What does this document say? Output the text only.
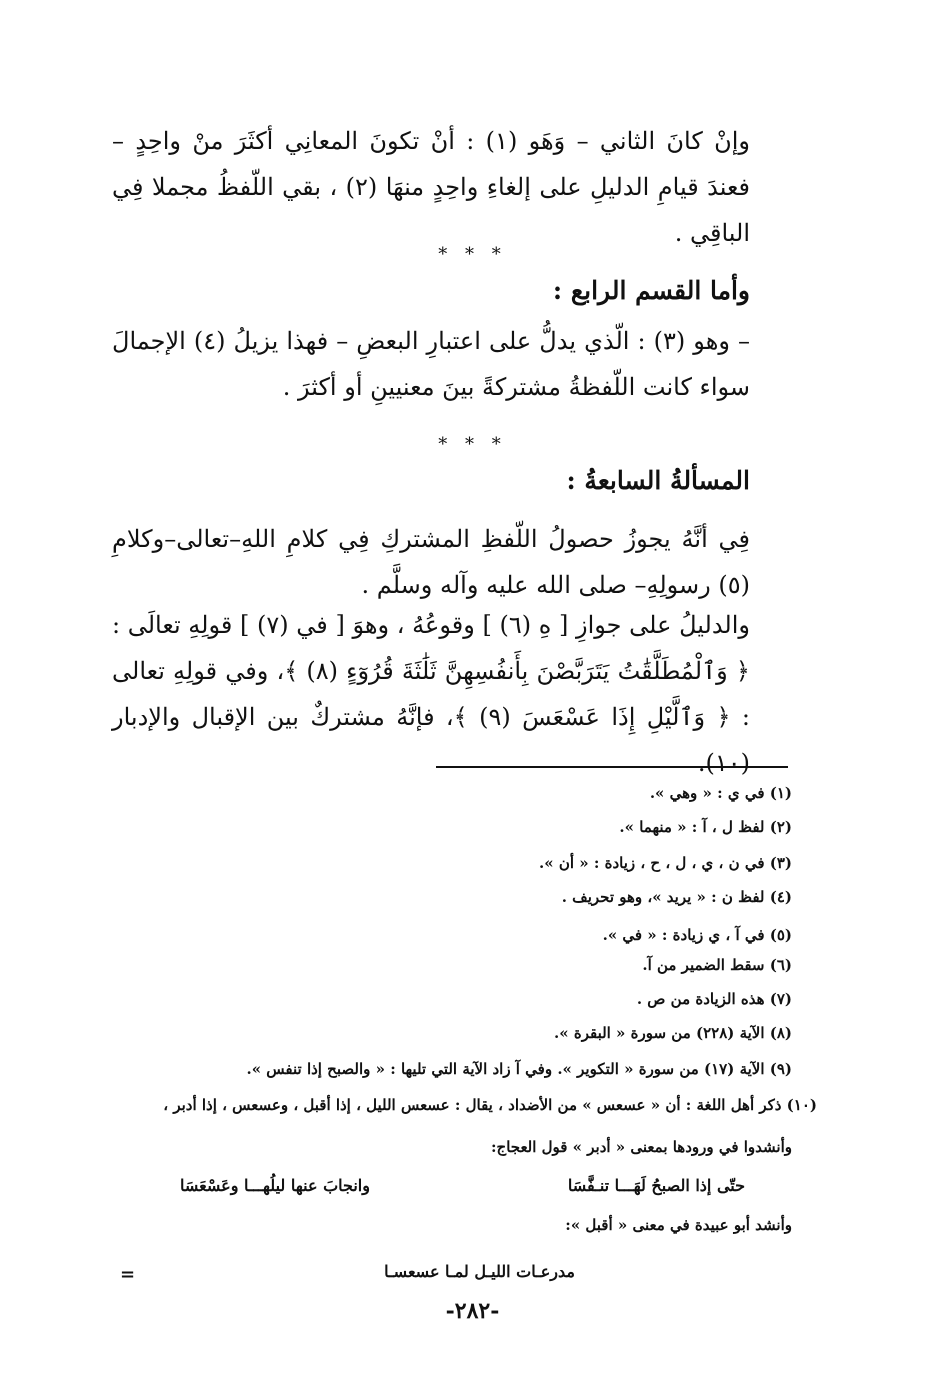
وإنْ كانَ الثاني – وَهَو (١) : أنْ تكونَ المعانِي أكثَرَ منْ واحِدٍ – فعندَ قيامِ الدليلِ على إلغاءِ واحِدٍ منهَا (٢) ، بقي اللّفظُ مجملا فِي الباقِي .

* * *
وأما القسم الرابع :

– وهو (٣) : الّذي يدلُّ على اعتبارِ البعضِ – فهذا يزيلُ (٤) الإجمالَ سواء كانت اللّفظةُ مشتركةً بينَ معنيينِ أو أكثرَ .

* * *
المسألةُ السابعةُ :

فِي أنَّهُ يجوزُ حصولُ اللّفظِ المشتركِ فِي كلامِ اللهِ–تعالى–وكلامِ (٥) رسولِهِ– صلى الله عليه وآله وسلَّم .

والدليلُ على جوازِ [ هِ (٦) ] وقوعُهُ ، وهوَ [ في (٧) ] قولِهِ تعالَى : ﴿ وَٱلْمُطَلَّقَٰتُ يَتَرَبَّصْنَ بِأَنفُسِهِنَّ ثَلَٰثَةَ قُرُوٓءٍ (٨) ﴾، وفي قولِهِ تعالى : ﴿ وَٱلَّيْلِ إِذَا عَسْعَسَ (٩) ﴾، فإنَّهُ مشتركٌ بين الإقبال والإدبار (١٠).

(١) في ي : « وهي ».
(٢) لفظ ل ، آ : « منهما ».
(٣) في ن ، ي ، ل ، ح ، زيادة : « أن ».
(٤) لفظ ن : « يريد »، وهو تحريف .
(٥) في آ ، ي زيادة : « في ».
(٦) سقط الضمير من آ.
(٧) هذه الزيادة من ص .
(٨) الآية (٢٢٨) من سورة « البقرة ».
(٩) الآية (١٧) من سورة « التكوير ». وفي آ زاد الآية التي تليها : « والصبح إذا تنفس ».
(١٠) ذكر أهل اللغة : أن « عسعس » من الأضداد ، يقال : عسعس الليل ، إذا أقبل ، وعسعس ، إذا أدبر ،
وأنشدوا في ورودها بمعنى « أدبر » قول العجاج:
حتّى إذا الصبحُ لَهَـــا تنـفَّسَا
وانجابَ عنها ليلُهـــا وعَسْعَسَا
وأنشد أبو عبيدة في معنى « أقبل »:
مدرعـات الليـل لمـا عسعسـا
=
-٢٨٢-
